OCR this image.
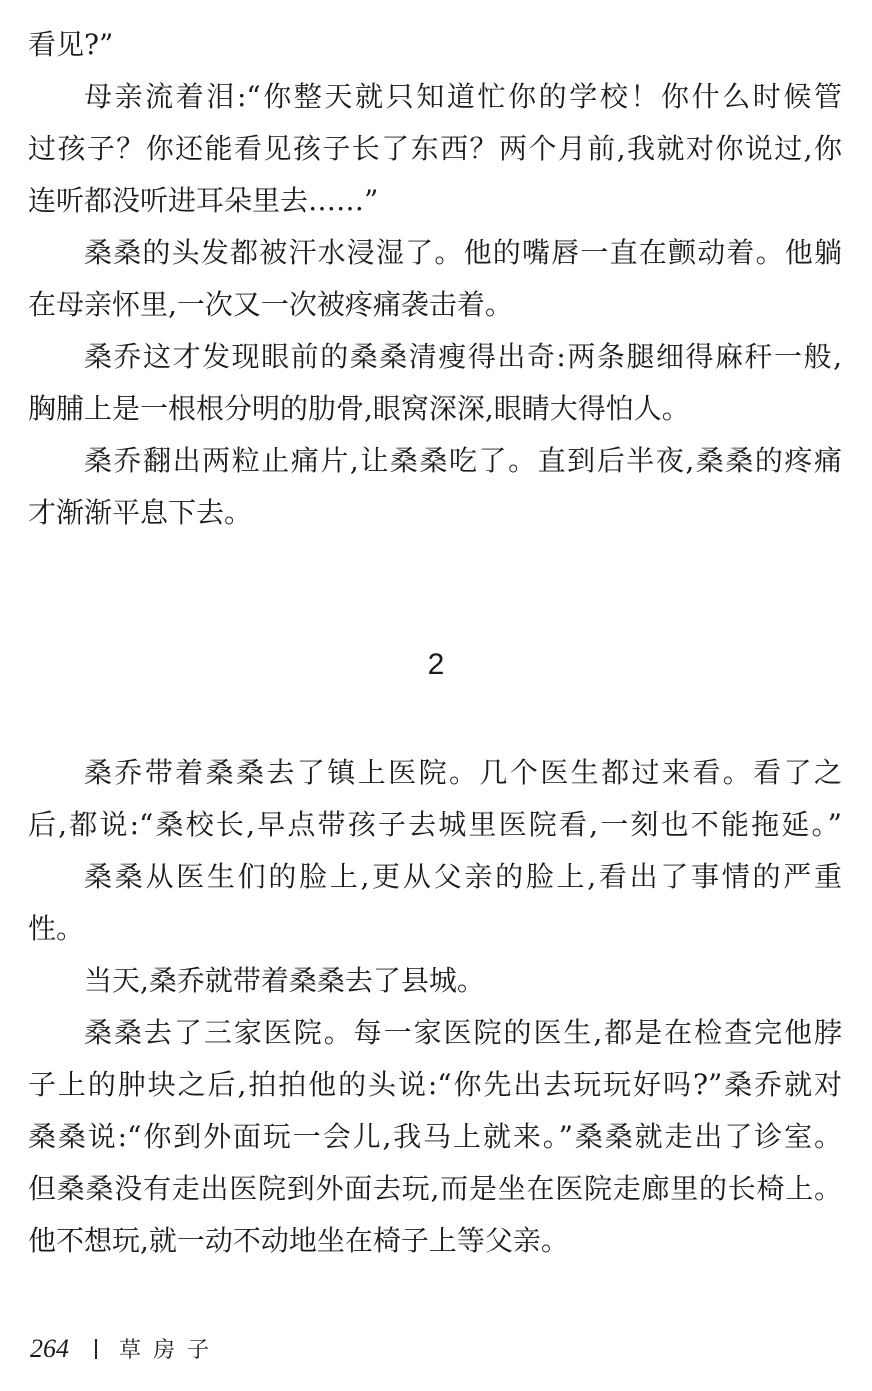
看见?”
母亲流着泪:“你整天就只知道忙你的学校！你什么时候管
过孩子？你还能看见孩子长了东西？两个月前,我就对你说过,你
连听都没听进耳朵里去……”
桑桑的头发都被汗水浸湿了。他的嘴唇一直在颤动着。他躺
在母亲怀里,一次又一次被疼痛袭击着。
桑乔这才发现眼前的桑桑清瘦得出奇:两条腿细得麻秆一般,
胸脯上是一根根分明的肋骨,眼窝深深,眼睛大得怕人。
桑乔翻出两粒止痛片,让桑桑吃了。直到后半夜,桑桑的疼痛
才渐渐平息下去。
2
桑乔带着桑桑去了镇上医院。几个医生都过来看。看了之
后,都说:“桑校长,早点带孩子去城里医院看,一刻也不能拖延。”
桑桑从医生们的脸上,更从父亲的脸上,看出了事情的严重
性。
当天,桑乔就带着桑桑去了县城。
桑桑去了三家医院。每一家医院的医生,都是在检查完他脖
子上的肿块之后,拍拍他的头说:“你先出去玩玩好吗?”桑乔就对
桑桑说:“你到外面玩一会儿,我马上就来。”桑桑就走出了诊室。
但桑桑没有走出医院到外面去玩,而是坐在医院走廊里的长椅上。
他不想玩,就一动不动地坐在椅子上等父亲。
264 草房子
